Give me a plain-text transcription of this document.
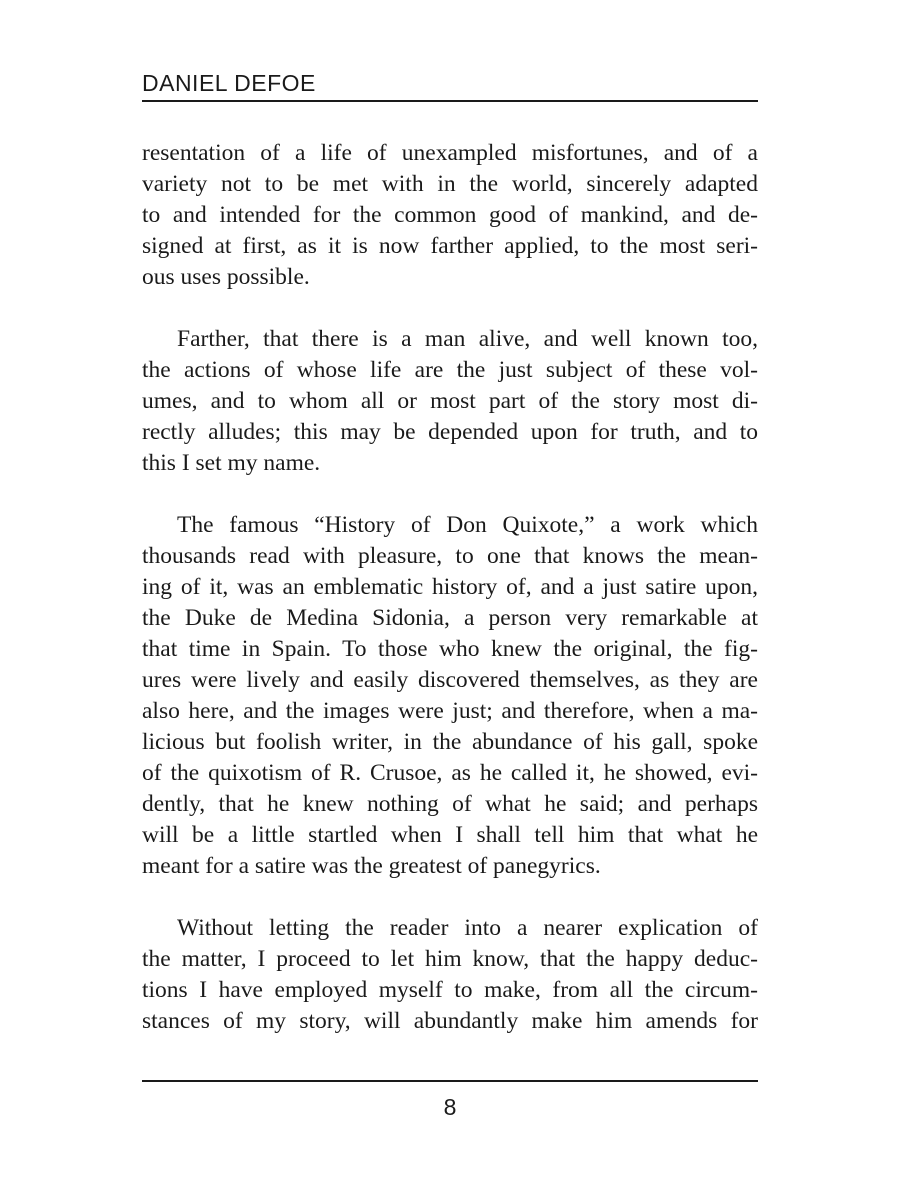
DANIEL DEFOE
resentation of a life of unexampled misfortunes, and of a
variety not to be met with in the world, sincerely adapted
to and intended for the common good of mankind, and de-
signed at first, as it is now farther applied, to the most seri-
ous uses possible.
Farther, that there is a man alive, and well known too,
the actions of whose life are the just subject of these vol-
umes, and to whom all or most part of the story most di-
rectly alludes; this may be depended upon for truth, and to
this I set my name.
The famous “History of Don Quixote,” a work which
thousands read with pleasure, to one that knows the mean-
ing of it, was an emblematic history of, and a just satire upon,
the Duke de Medina Sidonia, a person very remarkable at
that time in Spain. To those who knew the original, the fig-
ures were lively and easily discovered themselves, as they are
also here, and the images were just; and therefore, when a ma-
licious but foolish writer, in the abundance of his gall, spoke
of the quixotism of R. Crusoe, as he called it, he showed, evi-
dently, that he knew nothing of what he said; and perhaps
will be a little startled when I shall tell him that what he
meant for a satire was the greatest of panegyrics.
Without letting the reader into a nearer explication of
the matter, I proceed to let him know, that the happy deduc-
tions I have employed myself to make, from all the circum-
stances of my story, will abundantly make him amends for
8
